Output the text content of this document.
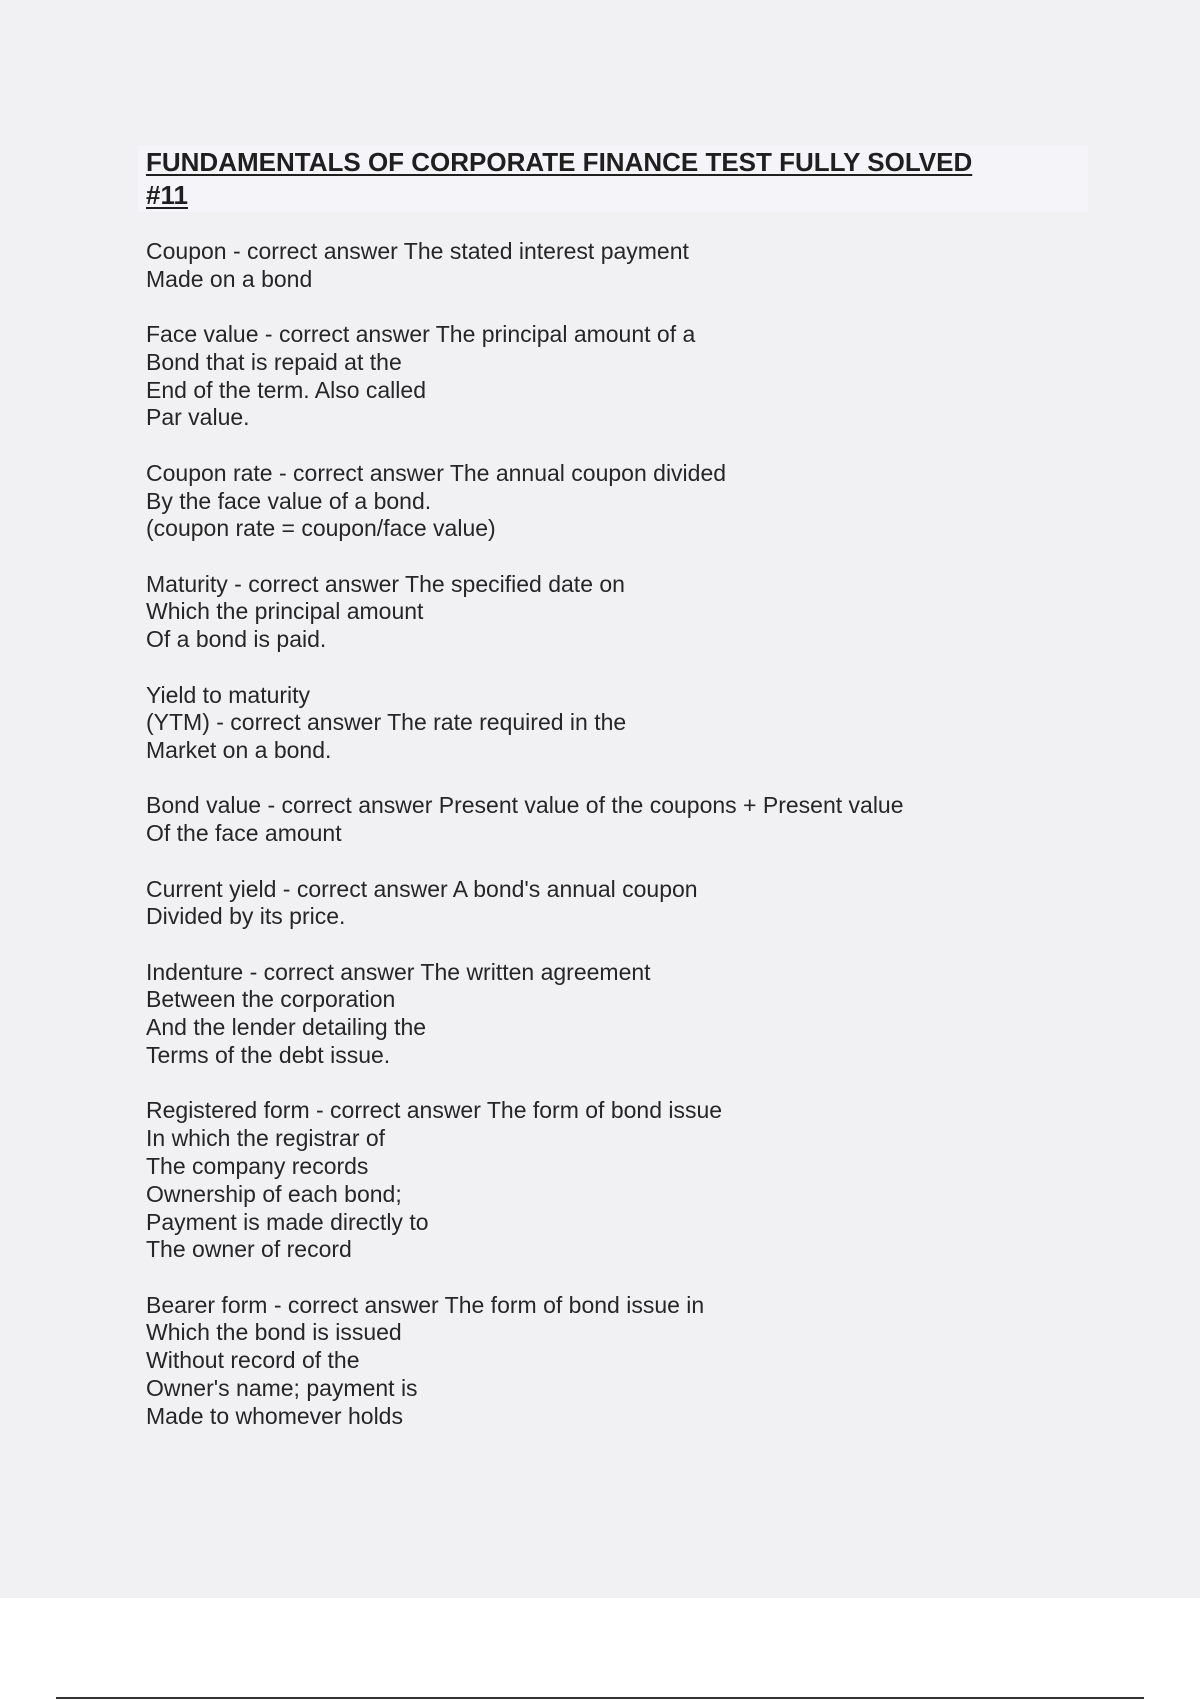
FUNDAMENTALS OF CORPORATE FINANCE TEST FULLY SOLVED
#11
Coupon - correct answer The stated interest payment
Made on a bond
Face value - correct answer The principal amount of a
Bond that is repaid at the
End of the term. Also called
Par value.
Coupon rate - correct answer The annual coupon divided
By the face value of a bond.
(coupon rate = coupon/face value)
Maturity - correct answer The specified date on
Which the principal amount
Of a bond is paid.
Yield to maturity
(YTM) - correct answer The rate required in the
Market on a bond.
Bond value - correct answer Present value of the coupons + Present value
Of the face amount
Current yield - correct answer A bond's annual coupon
Divided by its price.
Indenture - correct answer The written agreement
Between the corporation
And the lender detailing the
Terms of the debt issue.
Registered form - correct answer The form of bond issue
In which the registrar of
The company records
Ownership of each bond;
Payment is made directly to
The owner of record
Bearer form - correct answer The form of bond issue in
Which the bond is issued
Without record of the
Owner's name; payment is
Made to whomever holds
